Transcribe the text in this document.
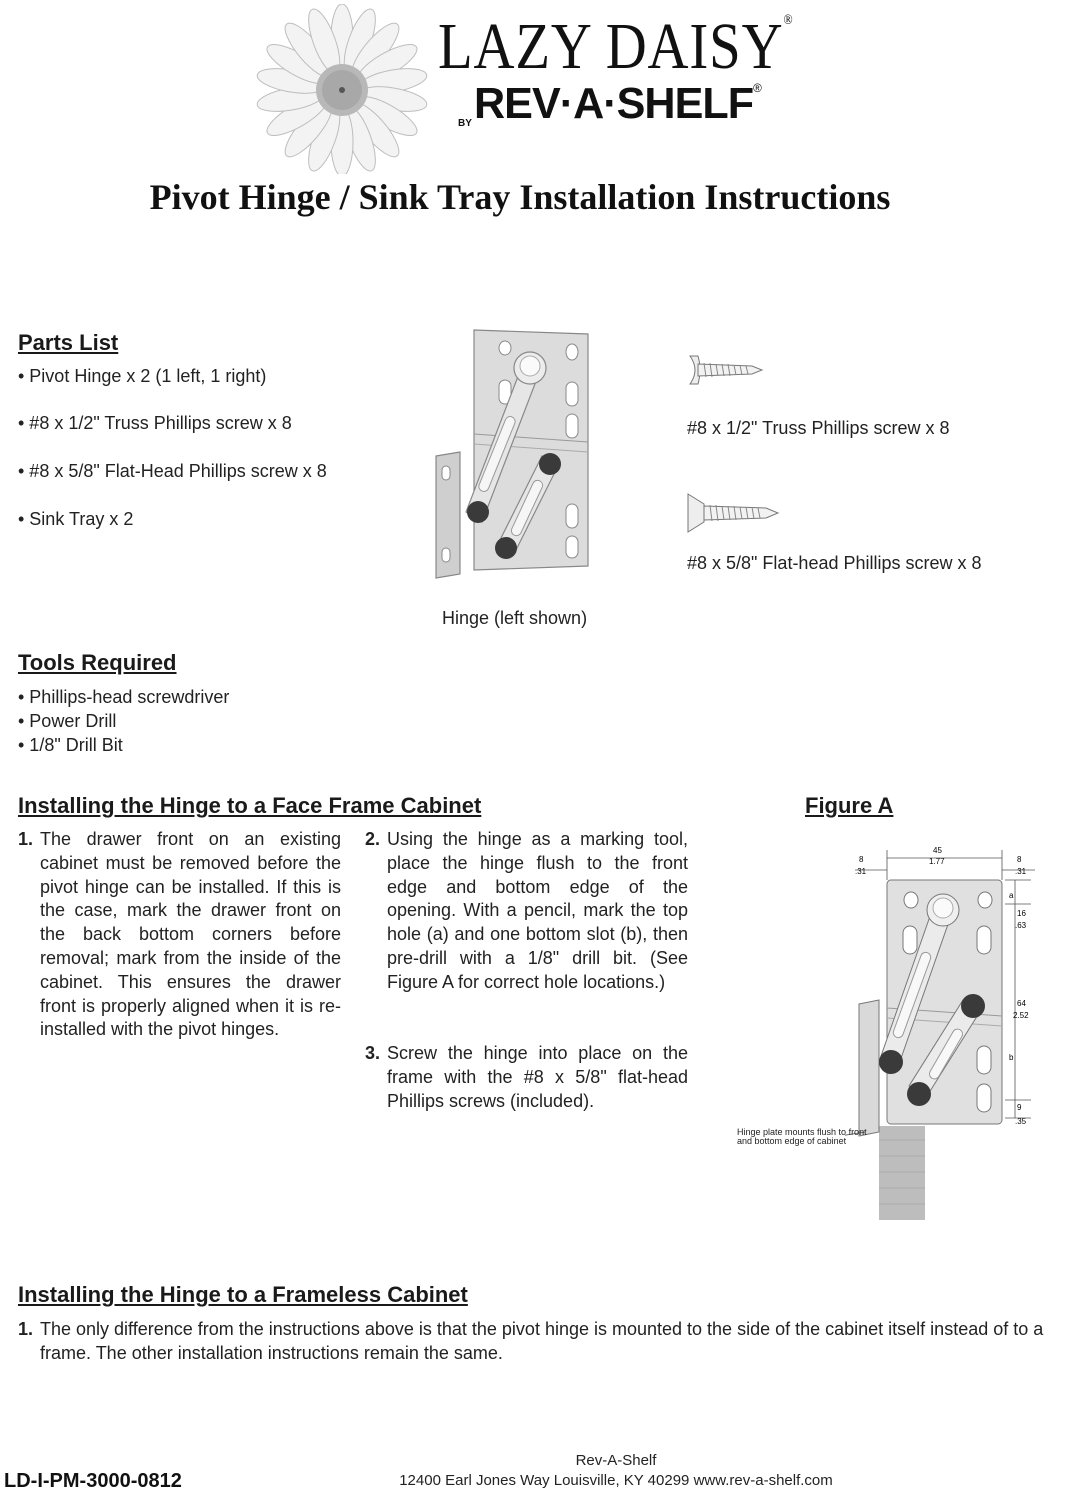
LAZY DAISY®
BY REV·A·SHELF®
Pivot Hinge / Sink Tray Installation Instructions
Parts List
• Pivot Hinge x 2 (1 left, 1 right)
• #8 x 1/2" Truss Phillips screw x 8
• #8 x 5/8" Flat-Head Phillips screw x 8
• Sink Tray x 2
Hinge (left shown)
#8 x 1/2" Truss Phillips screw x 8
#8 x 5/8" Flat-head Phillips screw x 8
Tools Required
• Phillips-head screwdriver
• Power Drill
• 1/8" Drill Bit
Installing the Hinge to a Face Frame Cabinet
1. The drawer front on an existing cabinet must be removed before the pivot hinge can be installed. If this is the case, mark the drawer front on the back bottom corners before removal; mark from the inside of the cabinet. This ensures the drawer front is properly aligned when it is re-installed with the pivot hinges.
2. Using the hinge as a marking tool, place the hinge flush to the front edge and bottom edge of the opening. With a pencil, mark the top hole (a) and one bottom slot (b), then pre-drill with a 1/8" drill bit. (See Figure A for correct hole locations.)
3. Screw the hinge into place on the frame with the #8 x 5/8" flat-head Phillips screws (included).
Figure A
8
.31
45
1.77	8
.31
a
16
.63
64
2.52
b
9
.35
Hinge plate mounts flush to front and bottom edge of cabinet
Installing the Hinge to a Frameless Cabinet
1. The only difference from the instructions above is that the pivot hinge is mounted to the side of the cabinet itself instead of to a frame. The other installation instructions remain the same.
LD-I-PM-3000-0812
Rev-A-Shelf
12400 Earl Jones Way Louisville, KY 40299 www.rev-a-shelf.com
